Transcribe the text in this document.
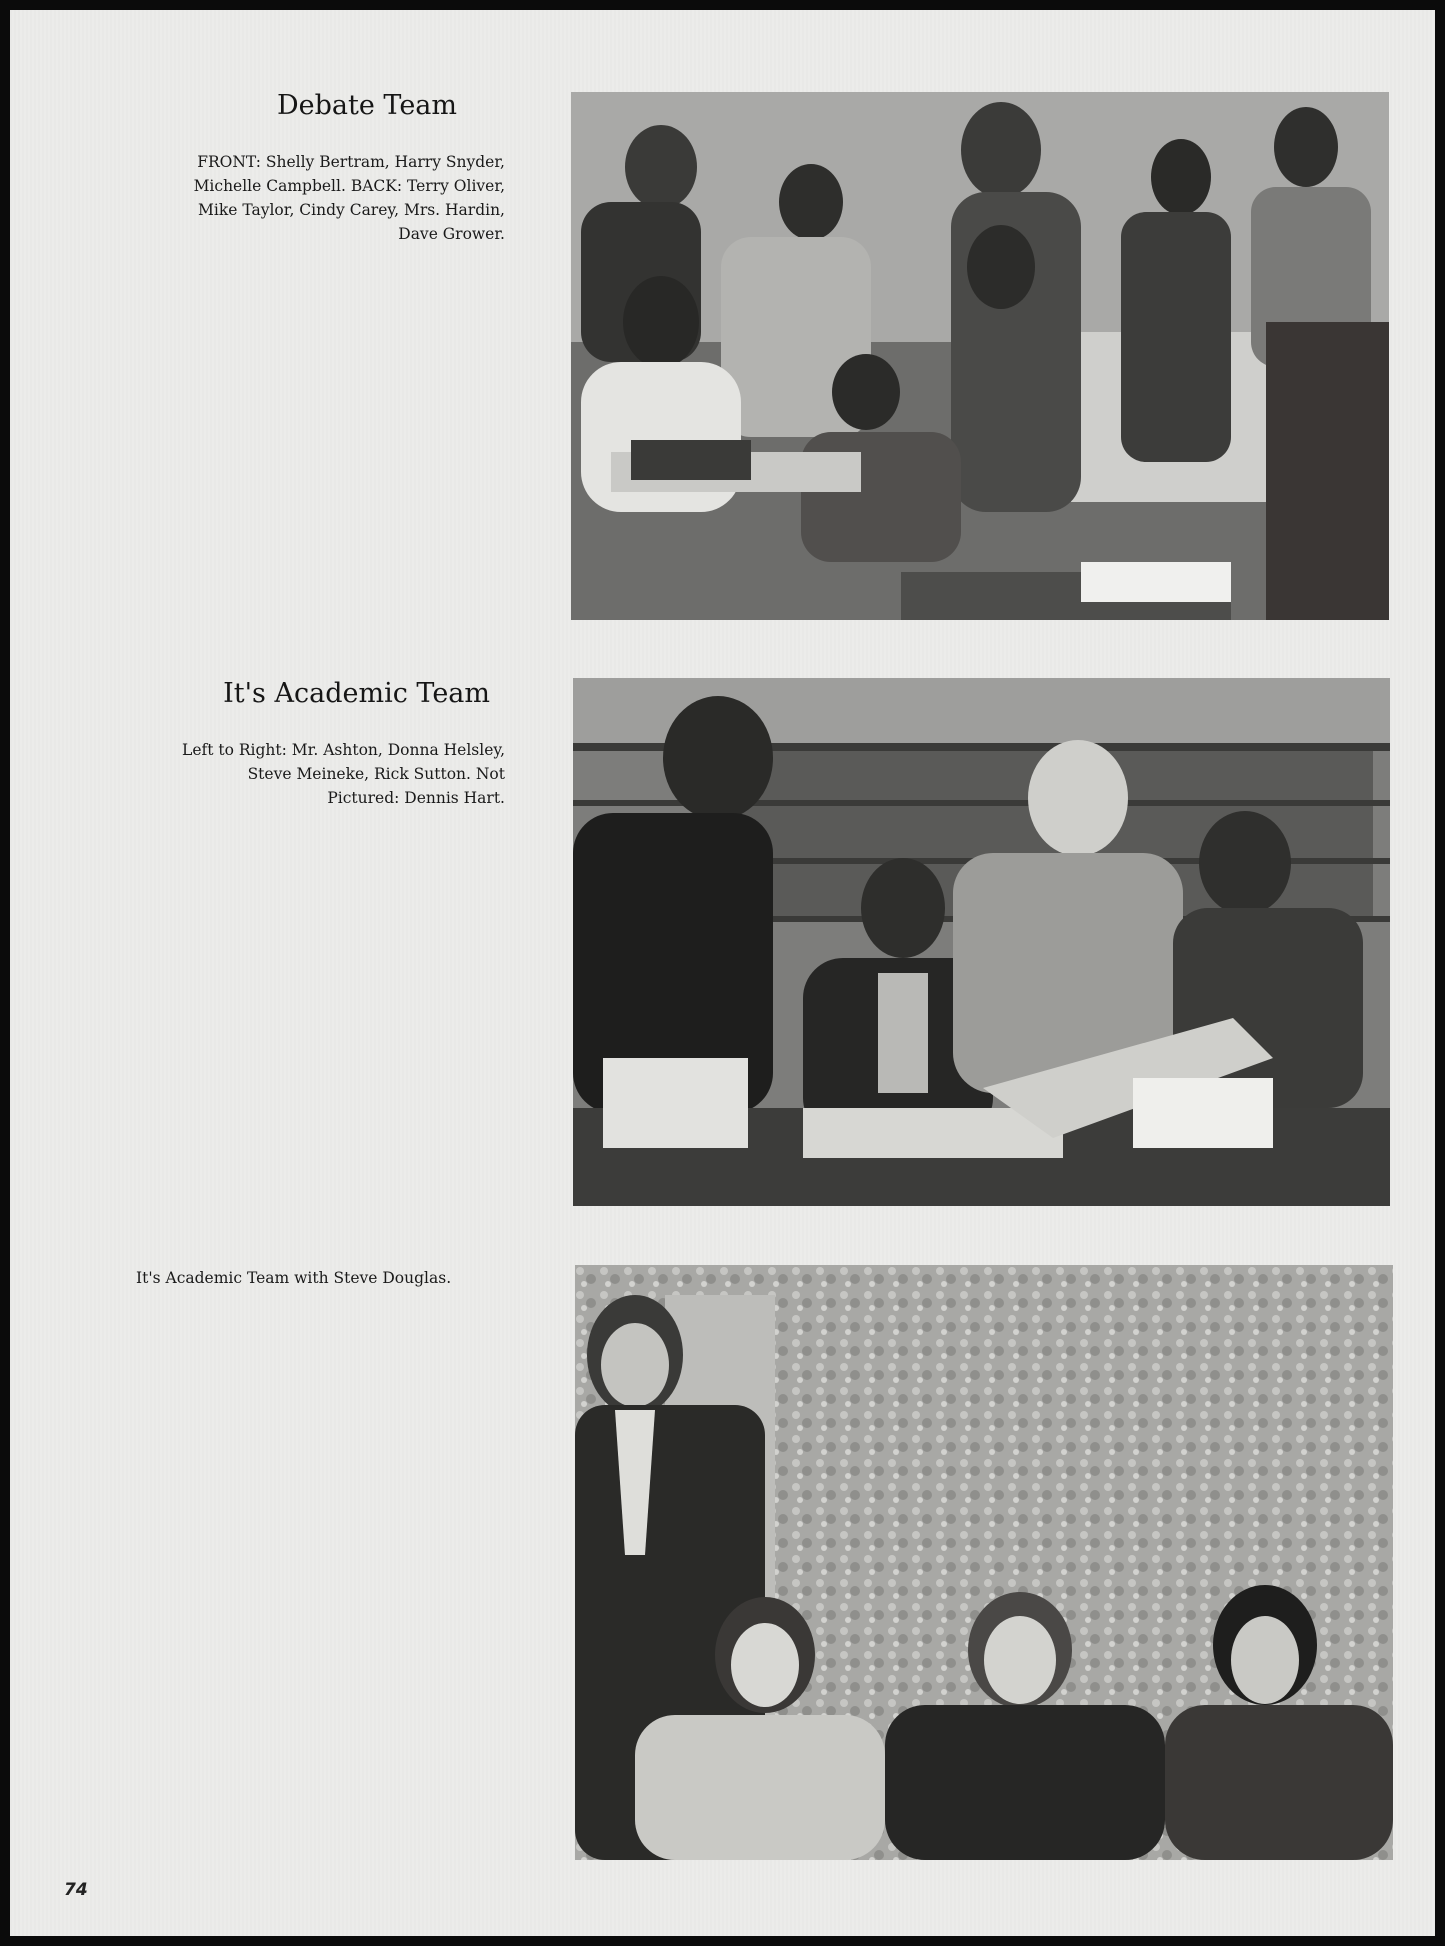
Debate Team
FRONT: Shelly Bertram, Harry Snyder,
Michelle Campbell. BACK: Terry Oliver,
Mike Taylor, Cindy Carey, Mrs. Hardin,
Dave Grower.
It's Academic Team
Left to Right: Mr. Ashton, Donna Helsley,
Steve Meineke, Rick Sutton. Not
Pictured: Dennis Hart.
It's Academic Team with Steve Douglas.
74
